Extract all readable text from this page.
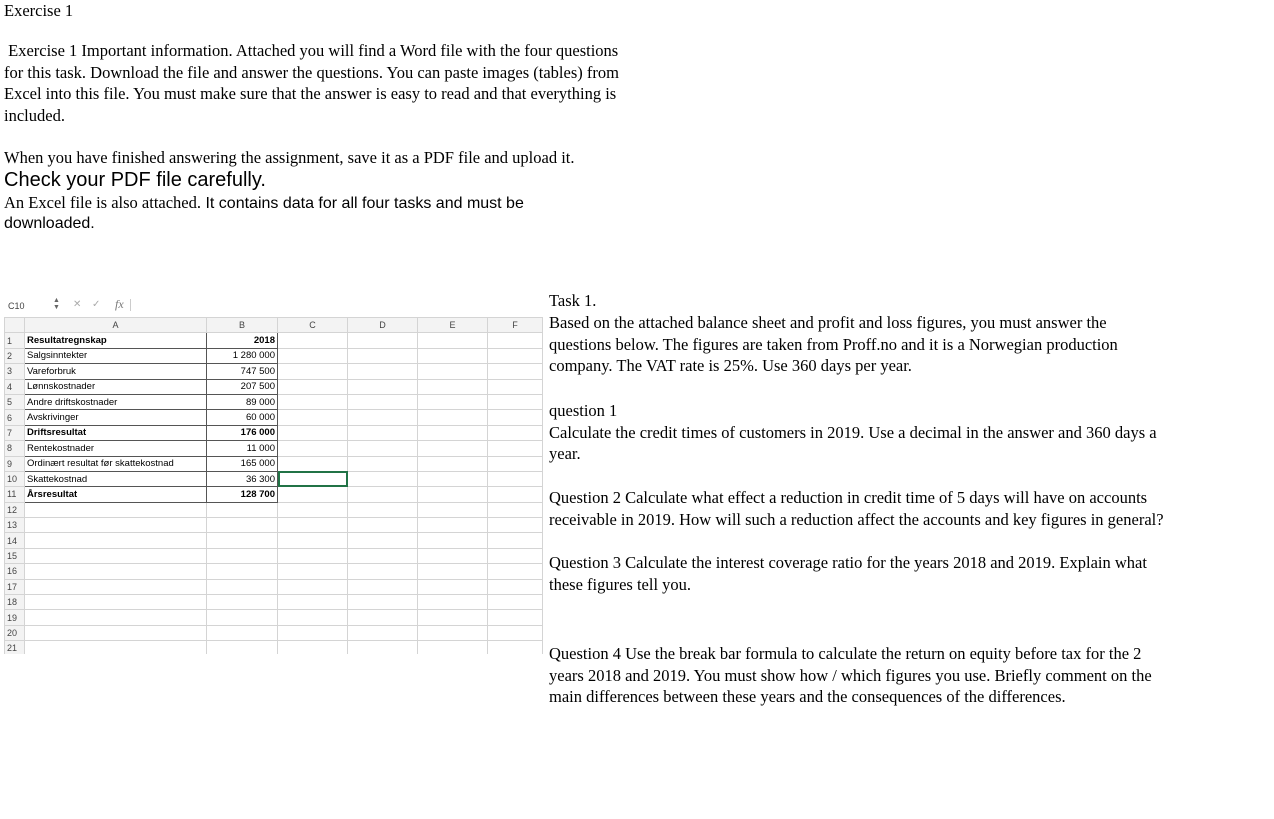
Exercise 1
Exercise 1 Important information. Attached you will find a Word file with the four questions
for this task. Download the file and answer the questions. You can paste images (tables) from
Excel into this file. You must make sure that the answer is easy to read and that everything is
included.
When you have finished answering the assignment, save it as a PDF file and upload it.
Check your PDF file carefully.
An Excel file is also attached. It contains data for all four tasks and must be
downloaded.
C10
▲
▼ ✕ ✓ fx
	A	B	C	D	E	F
1	Resultatregnskap	2018				
2	Salgsinntekter	1 280 000				
3	Vareforbruk	747 500				
4	Lønnskostnader	207 500				
5	Andre driftskostnader	89 000				
6	Avskrivinger	60 000				
7	Driftsresultat	176 000				
8	Rentekostnader	11 000				
9	Ordinært resultat før skattekostnad	165 000				
10	Skattekostnad	36 300				
11	Årsresultat	128 700				
12						
13						
14						
15						
16						
17						
18						
19						
20						
21						
Task 1.
Based on the attached balance sheet and profit and loss figures, you must answer the
questions below. The figures are taken from Proff.no and it is a Norwegian production
company. The VAT rate is 25%. Use 360 days per year.
question 1
Calculate the credit times of customers in 2019. Use a decimal in the answer and 360 days a
year.
Question 2 Calculate what effect a reduction in credit time of 5 days will have on accounts
receivable in 2019. How will such a reduction affect the accounts and key figures in general?
Question 3 Calculate the interest coverage ratio for the years 2018 and 2019. Explain what
these figures tell you.
Question 4 Use the break bar formula to calculate the return on equity before tax for the 2
years 2018 and 2019. You must show how / which figures you use. Briefly comment on the
main differences between these years and the consequences of the differences.
